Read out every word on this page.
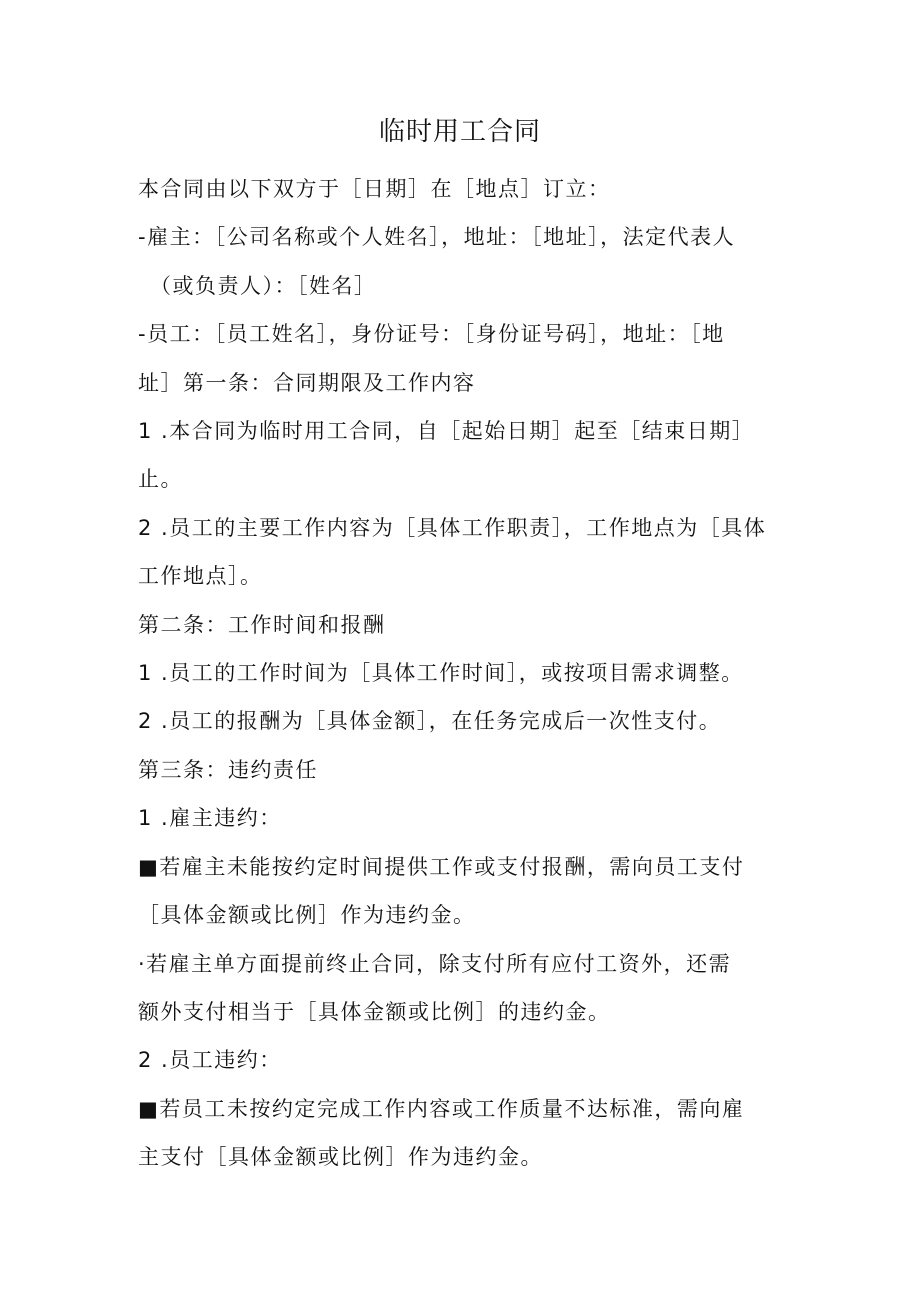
临时用工合同

本合同由以下双方于［日期］在［地点］订立：

-雇主：［公司名称或个人姓名］，地址：［地址］，法定代表人

（或负责人）：［姓名］

-员工：［员工姓名］，身份证号：［身份证号码］，地址：［地

址］第一条：合同期限及工作内容

1 .本合同为临时用工合同，自［起始日期］起至［结束日期］

止。

2 .员工的主要工作内容为［具体工作职责］，工作地点为［具体

工作地点］。

第二条：工作时间和报酬

1 .员工的工作时间为［具体工作时间］，或按项目需求调整。

2 .员工的报酬为［具体金额］，在任务完成后一次性支付。

第三条：违约责任

1 .雇主违约：

■若雇主未能按约定时间提供工作或支付报酬，需向员工支付

［具体金额或比例］作为违约金。

·若雇主单方面提前终止合同，除支付所有应付工资外，还需

额外支付相当于［具体金额或比例］的违约金。

2 .员工违约：

■若员工未按约定完成工作内容或工作质量不达标准，需向雇

主支付［具体金额或比例］作为违约金。
